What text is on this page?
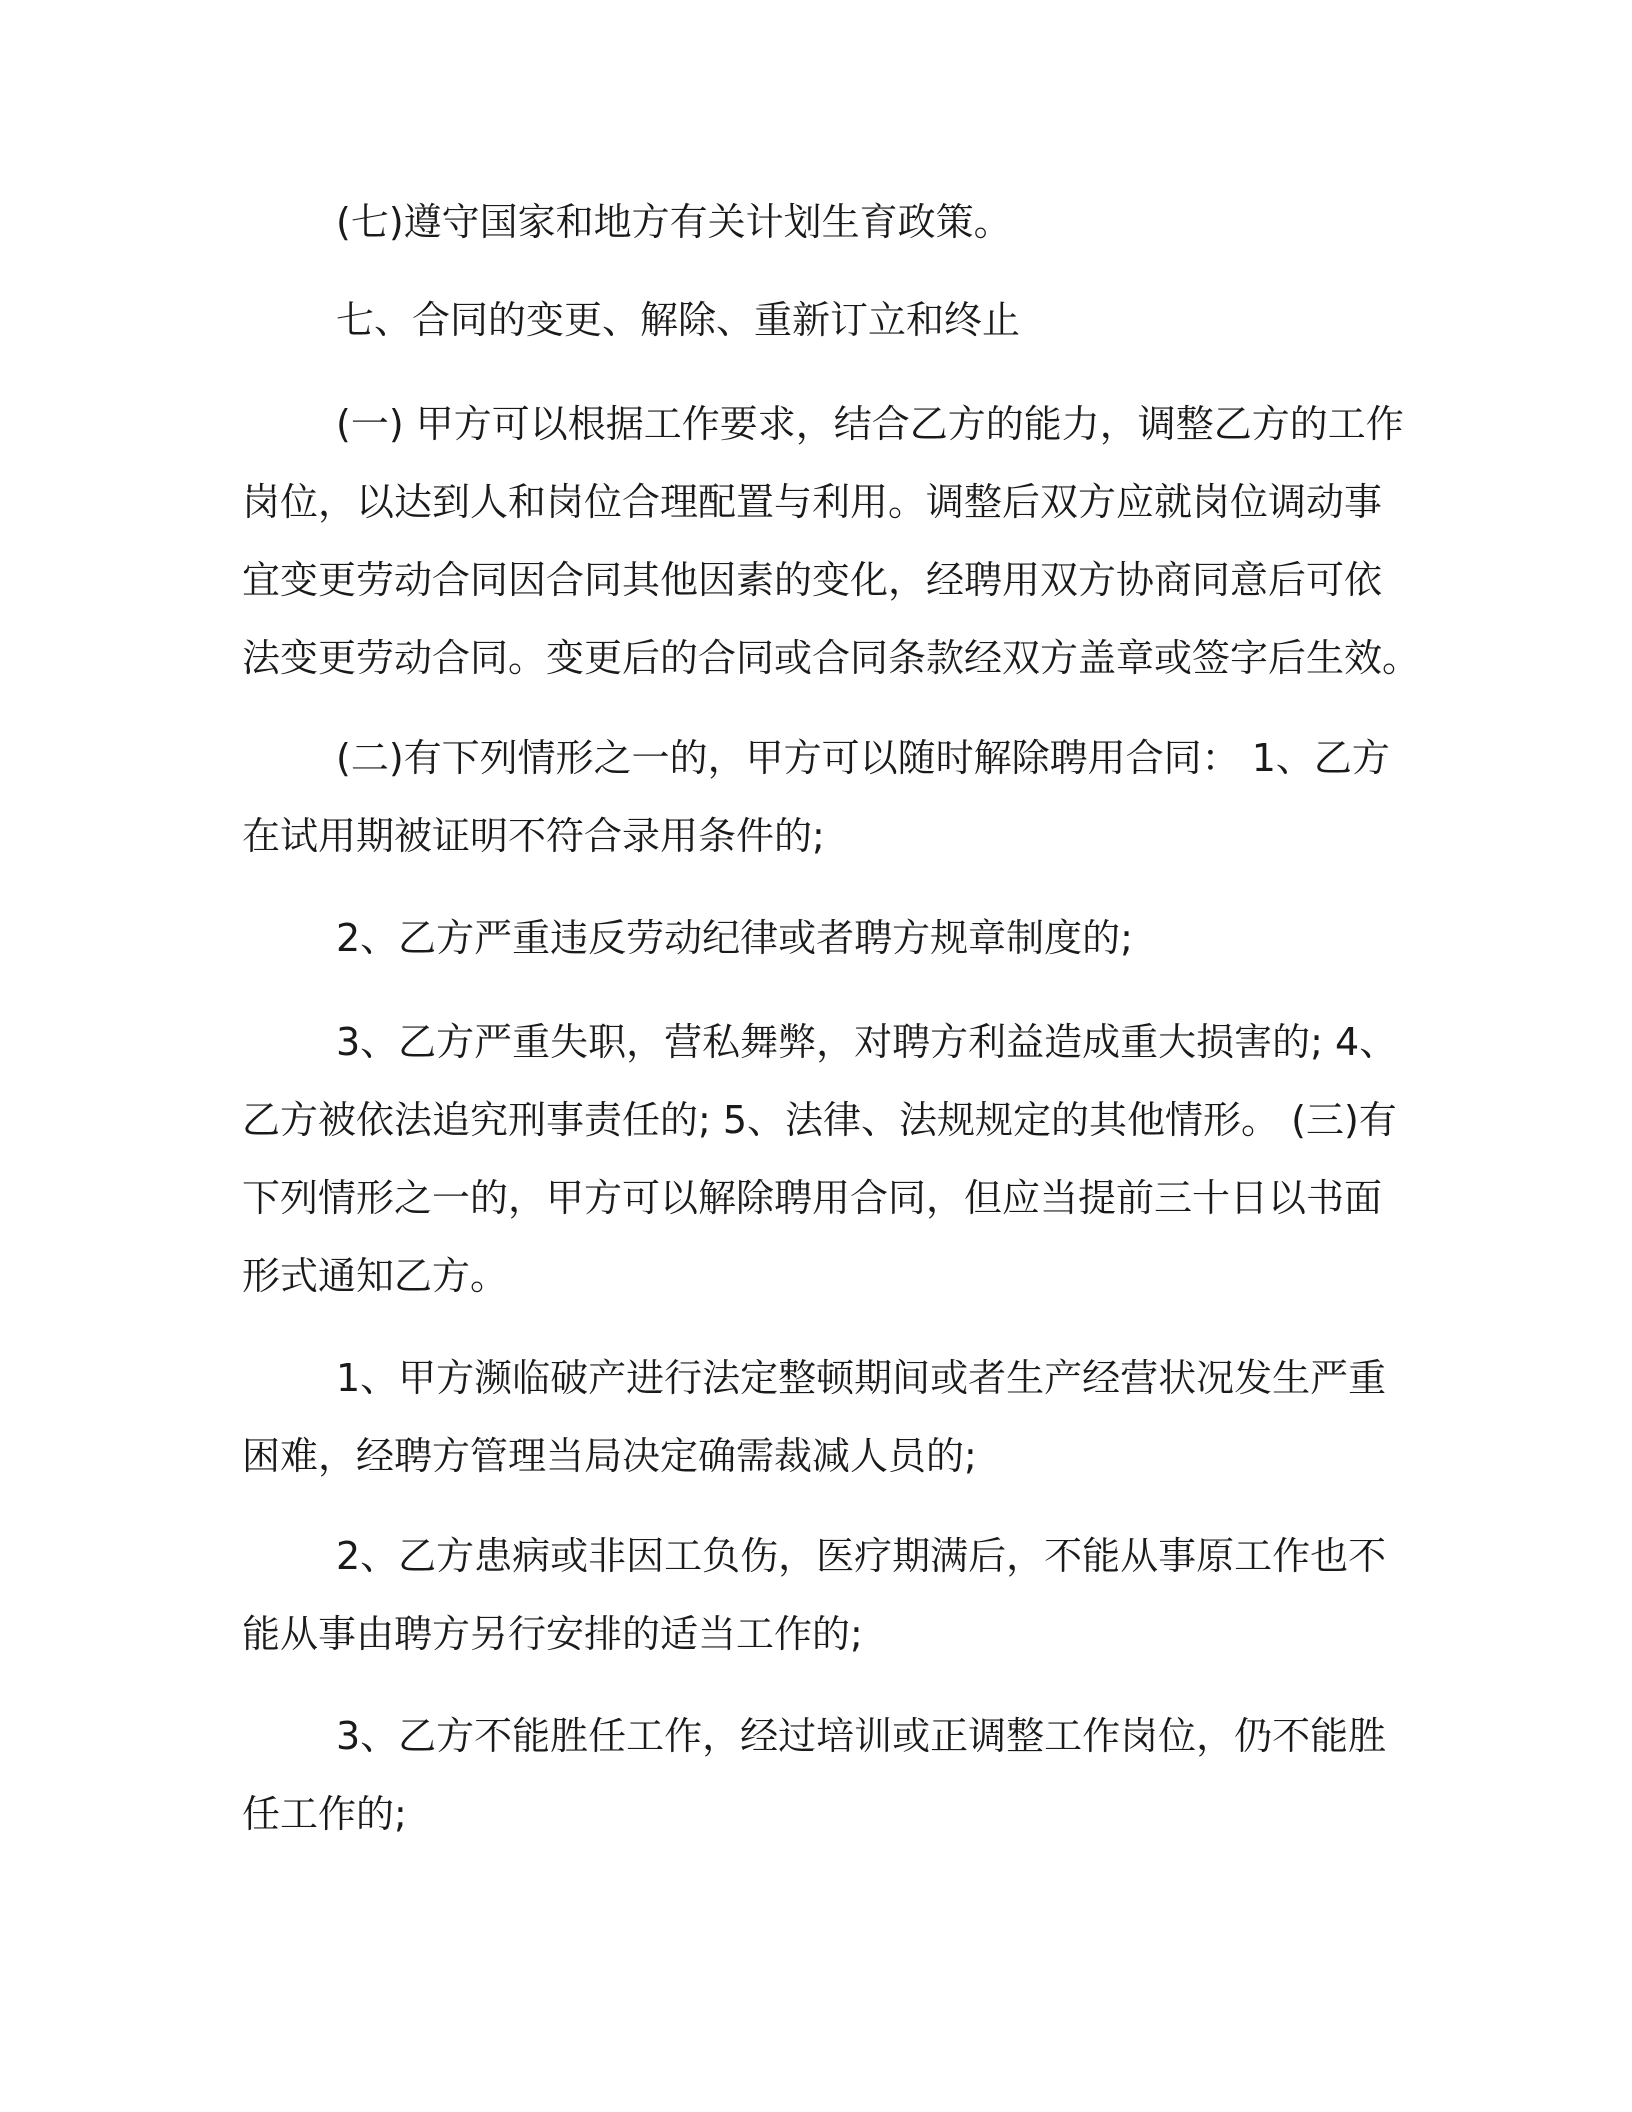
(七)遵守国家和地方有关计划生育政策。

七、合同的变更、解除、重新订立和终止

(一) 甲方可以根据工作要求，结合乙方的能力，调整乙方的工作

岗位，以达到人和岗位合理配置与利用。调整后双方应就岗位调动事

宜变更劳动合同因合同其他因素的变化，经聘用双方协商同意后可依

法变更劳动合同。变更后的合同或合同条款经双方盖章或签字后生效。

(二)有下列情形之一的，甲方可以随时解除聘用合同： 1、乙方

在试用期被证明不符合录用条件的;

2、乙方严重违反劳动纪律或者聘方规章制度的;

3、乙方严重失职，营私舞弊，对聘方利益造成重大损害的; 4、

乙方被依法追究刑事责任的; 5、法律、法规规定的其他情形。 (三)有

下列情形之一的，甲方可以解除聘用合同，但应当提前三十日以书面

形式通知乙方。

1、甲方濒临破产进行法定整顿期间或者生产经营状况发生严重

困难，经聘方管理当局决定确需裁减人员的;

2、乙方患病或非因工负伤，医疗期满后，不能从事原工作也不

能从事由聘方另行安排的适当工作的;

3、乙方不能胜任工作，经过培训或正调整工作岗位，仍不能胜

任工作的;
